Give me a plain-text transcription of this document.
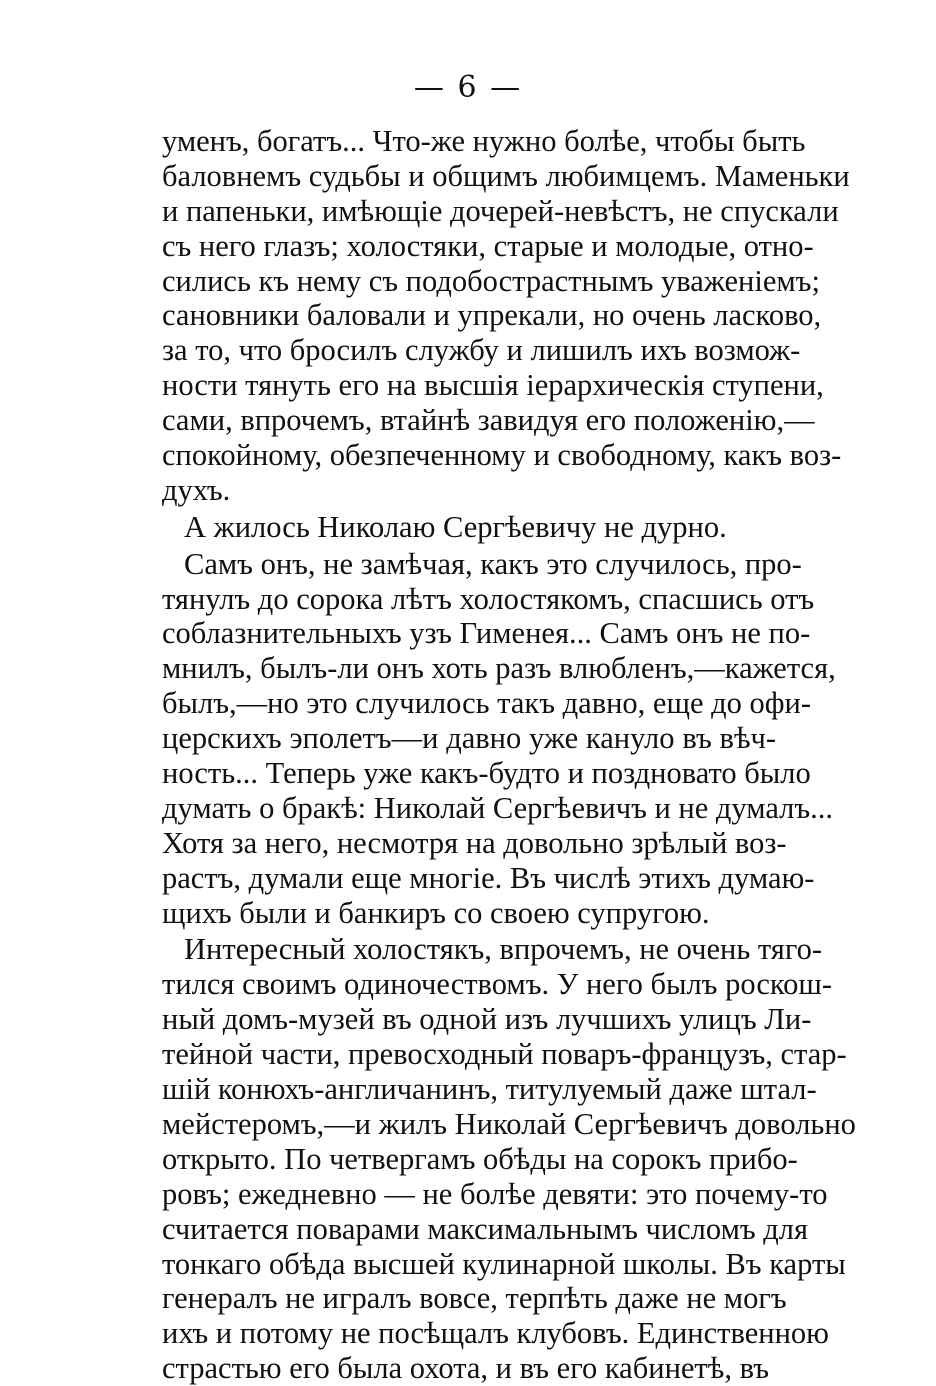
— 6 —
уменъ, богатъ... Что-же нужно болѣе, чтобы быть
баловнемъ судьбы и общимъ любимцемъ. Маменьки
и папеньки, имѣющіе дочерей-невѣстъ, не спускали
съ него глазъ; холостяки, старые и молодые, отно-
сились къ нему съ подобострастнымъ уваженіемъ;
сановники баловали и упрекали, но очень ласково,
за то, что бросилъ службу и лишилъ ихъ возмож-
ности тянуть его на высшія іерархическія ступени,
сами, впрочемъ, втайнѣ завидуя его положенію,—
спокойному, обезпеченному и свободному, какъ воз-
духъ.
А жилось Николаю Сергѣевичу не дурно.
Самъ онъ, не замѣчая, какъ это случилось, про-
тянулъ до сорока лѣтъ холостякомъ, спасшись отъ
соблазнительныхъ узъ Гименея... Самъ онъ не по-
мнилъ, былъ-ли онъ хоть разъ влюбленъ,—кажется,
былъ,—но это случилось такъ давно, еще до офи-
церскихъ эполетъ—и давно уже кануло въ вѣч-
ность... Теперь уже какъ-будто и поздновато было
думать о бракѣ: Николай Сергѣевичъ и не думалъ...
Хотя за него, несмотря на довольно зрѣлый воз-
растъ, думали еще многіе. Въ числѣ этихъ думаю-
щихъ были и банкиръ со своею супругою.
Интересный холостякъ, впрочемъ, не очень тяго-
тился своимъ одиночествомъ. У него былъ роскош-
ный домъ-музей въ одной изъ лучшихъ улицъ Ли-
тейной части, превосходный поваръ-французъ, стар-
шій конюхъ-англичанинъ, титулуемый даже штал-
мейстеромъ,—и жилъ Николай Сергѣевичъ довольно
открыто. По четвергамъ обѣды на сорокъ прибо-
ровъ; ежедневно — не болѣе девяти: это почему-то
считается поварами максимальнымъ числомъ для
тонкаго обѣда высшей кулинарной школы. Въ карты
генералъ не игралъ вовсе, терпѣть даже не могъ
ихъ и потому не посѣщалъ клубовъ. Единственною
страстью его была охота, и въ его кабинетѣ, въ
